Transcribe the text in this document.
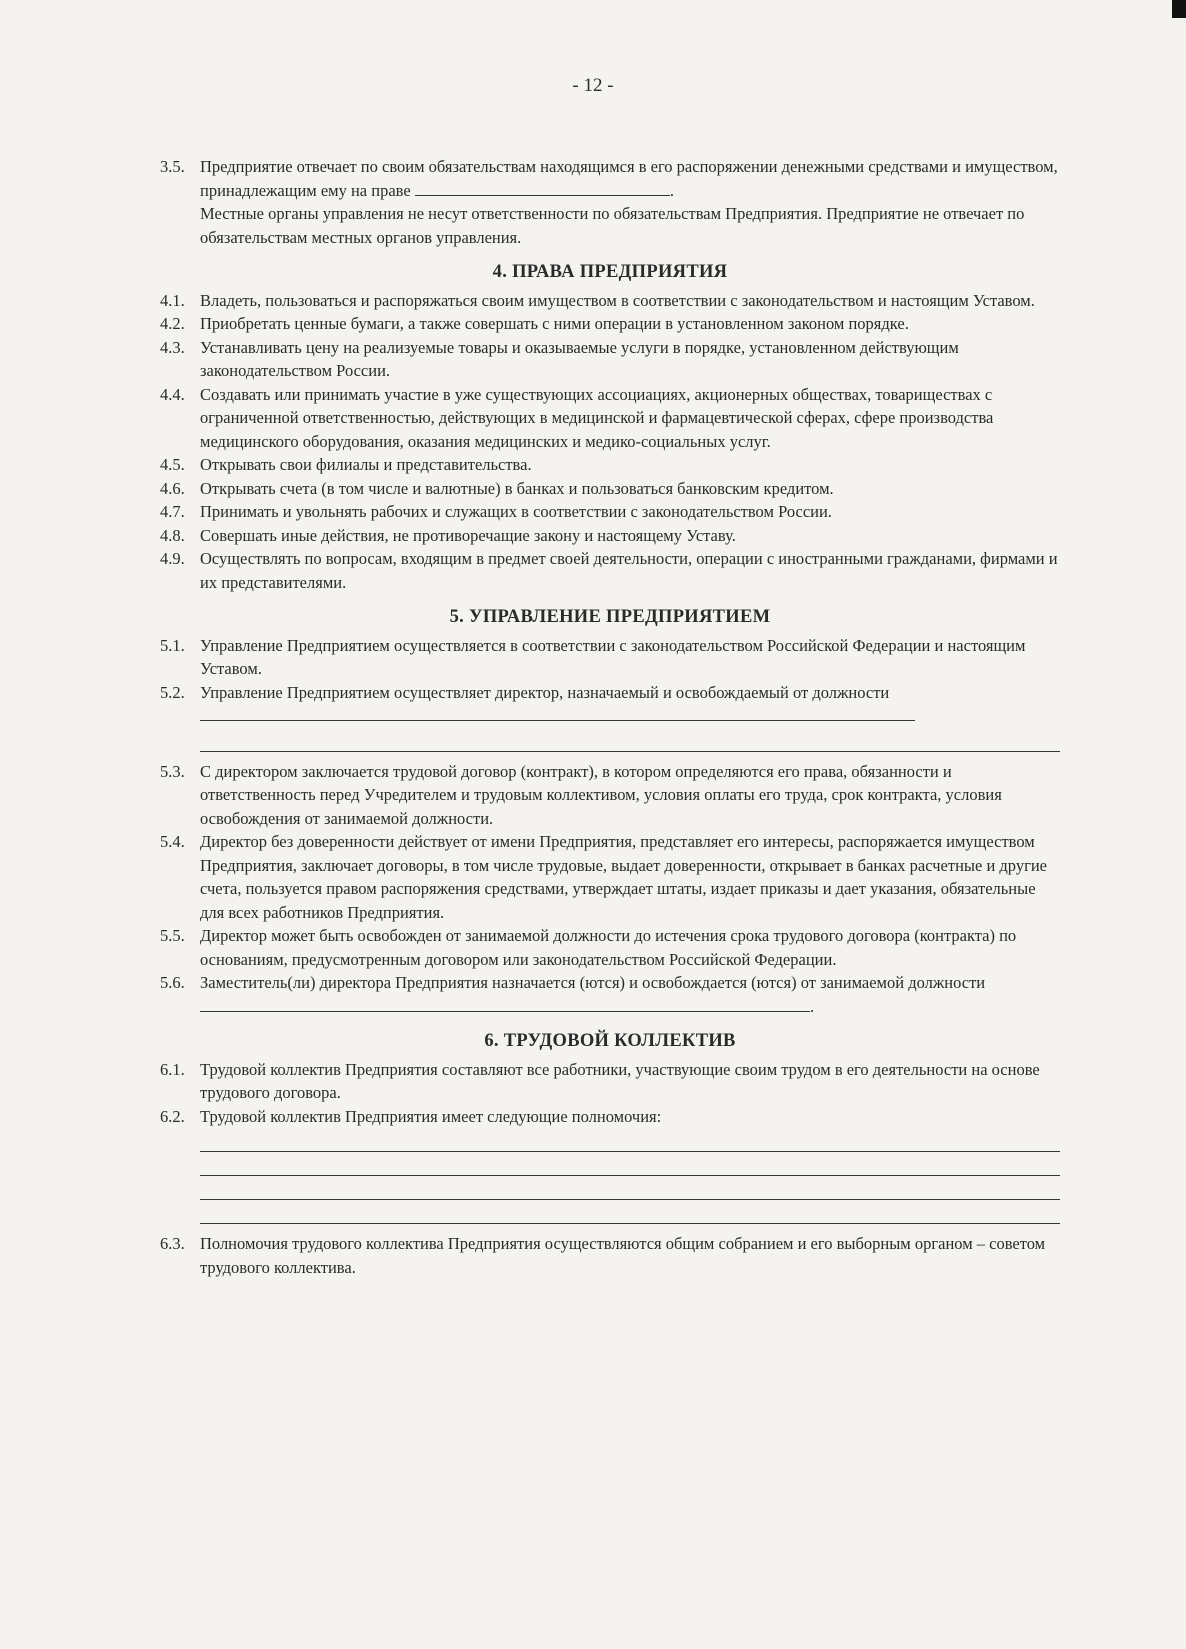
- 12 -
3.5. Предприятие отвечает по своим обязательствам находящимся в его распоряжении денежными средствами и имуществом, принадлежащим ему на праве	.

Местные органы управления не несут ответственности по обязательствам Предприятия. Предприятие не отвечает по обязательствам местных органов управления.

4. ПРАВА ПРЕДПРИЯТИЯ
4.1. Владеть, пользоваться и распоряжаться своим имуществом в соответствии с законодательством и настоящим Уставом.
4.2. Приобретать ценные бумаги, а также совершать с ними операции в установленном законом порядке.
4.3. Устанавливать цену на реализуемые товары и оказываемые услуги в порядке, установленном действующим законодательством России.
4.4. Создавать или принимать участие в уже существующих ассоциациях, акционерных обществах, товариществах с ограниченной ответственностью, действующих в медицинской и фармацевтической сферах, сфере производства медицинского оборудования, оказания медицинских и медико-социальных услуг.
4.5. Открывать свои филиалы и представительства.
4.6. Открывать счета (в том числе и валютные) в банках и пользоваться банковским кредитом.
4.7. Принимать и увольнять рабочих и служащих в соответствии с законодательством России.
4.8. Совершать иные действия, не противоречащие закону и настоящему Уставу.
4.9. Осуществлять по вопросам, входящим в предмет своей деятельности, операции с иностранными гражданами, фирмами и их представителями.
5. УПРАВЛЕНИЕ ПРЕДПРИЯТИЕМ
5.1. Управление Предприятием осуществляется в соответствии с законодательством Российской Федерации и настоящим Уставом.
5.2. Управление Предприятием осуществляет директор, назначаемый и освобождаемый от должности
5.3. С директором заключается трудовой договор (контракт), в котором определяются его права, обязанности и ответственность перед Учредителем и трудовым коллективом, условия оплаты его труда, срок контракта, условия освобождения от занимаемой должности.
5.4. Директор без доверенности действует от имени Предприятия, представляет его интересы, распоряжается имуществом Предприятия, заключает договоры, в том числе трудовые, выдает доверенности, открывает в банках расчетные и другие счета, пользуется правом распоряжения средствами, утверждает штаты, издает приказы и дает указания, обязательные для всех работников Предприятия.
5.5. Директор может быть освобожден от занимаемой должности до истечения срока трудового договора (контракта) по основаниям, предусмотренным договором или законодательством Российской Федерации.
5.6. Заместитель(ли) директора Предприятия назначается (ются) и освобождается (ются) от занимаемой должности .
6. ТРУДОВОЙ КОЛЛЕКТИВ
6.1. Трудовой коллектив Предприятия составляют все работники, участвующие своим трудом в его деятельности на основе трудового договора.
6.2. Трудовой коллектив Предприятия имеет следующие полномочия:
6.3. Полномочия трудового коллектива Предприятия осуществляются общим собранием и его выборным органом – советом трудового коллектива.
